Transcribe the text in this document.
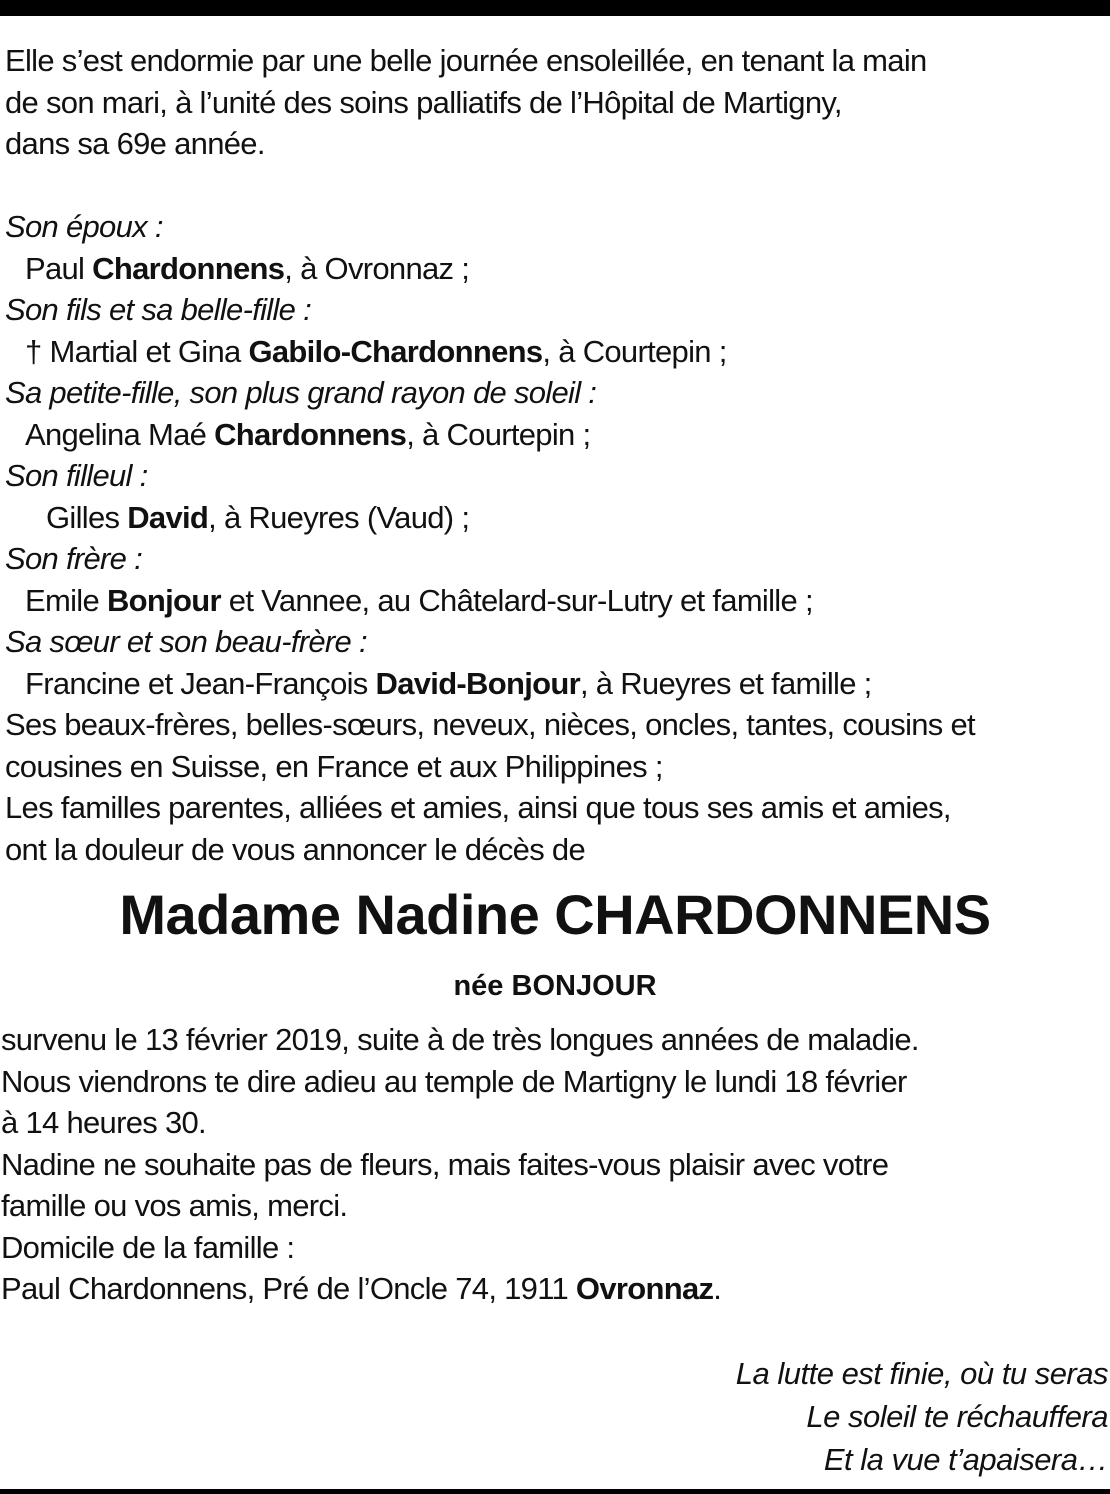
Elle s’est endormie par une belle journée ensoleillée, en tenant la main
de son mari, à l’unité des soins palliatifs de l’Hôpital de Martigny,
dans sa 69e année.
Son époux :
Paul Chardonnens, à Ovronnaz ;
Son fils et sa belle-fille :
† Martial et Gina Gabilo-Chardonnens, à Courtepin ;
Sa petite-fille, son plus grand rayon de soleil :
Angelina Maé Chardonnens, à Courtepin ;
Son filleul :
Gilles David, à Rueyres (Vaud) ;
Son frère :
Emile Bonjour et Vannee, au Châtelard-sur-Lutry et famille ;
Sa sœur et son beau-frère :
Francine et Jean-François David-Bonjour, à Rueyres et famille ;
Ses beaux-frères, belles-sœurs, neveux, nièces, oncles, tantes, cousins et
cousines en Suisse, en France et aux Philippines ;
Les familles parentes, alliées et amies, ainsi que tous ses amis et amies,
ont la douleur de vous annoncer le décès de
Madame Nadine CHARDONNENS
née BONJOUR
survenu le 13 février 2019, suite à de très longues années de maladie.
Nous viendrons te dire adieu au temple de Martigny le lundi 18 février
à 14 heures 30.
Nadine ne souhaite pas de fleurs, mais faites-vous plaisir avec votre
famille ou vos amis, merci.
Domicile de la famille :
Paul Chardonnens, Pré de l’Oncle 74, 1911 Ovronnaz.
La lutte est finie, où tu seras
Le soleil te réchauffera
Et la vue t’apaisera…
